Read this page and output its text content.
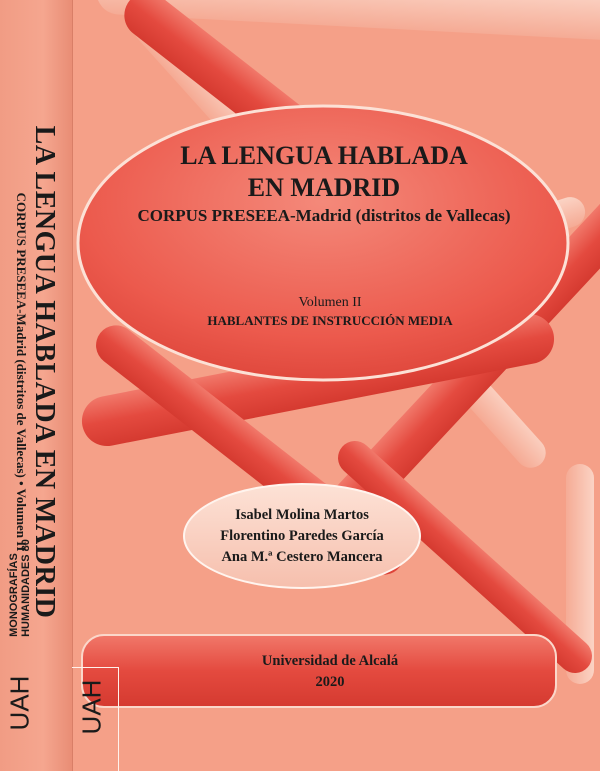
LA LENGUA HABLADA EN MADRID
CORPUS PRESEEA-Madrid (distritos de Vallecas) • Volumen II
MONOGRAFÍAS HUMANIDADES 80
UAH UAH
LA LENGUA HABLADA
EN MADRID
CORPUS PRESEEA-Madrid (distritos de Vallecas)
Volumen II
HABLANTES DE INSTRUCCIÓN MEDIA
Isabel Molina Martos
Florentino Paredes García
Ana M.ª Cestero Mancera
Universidad de Alcalá
2020
